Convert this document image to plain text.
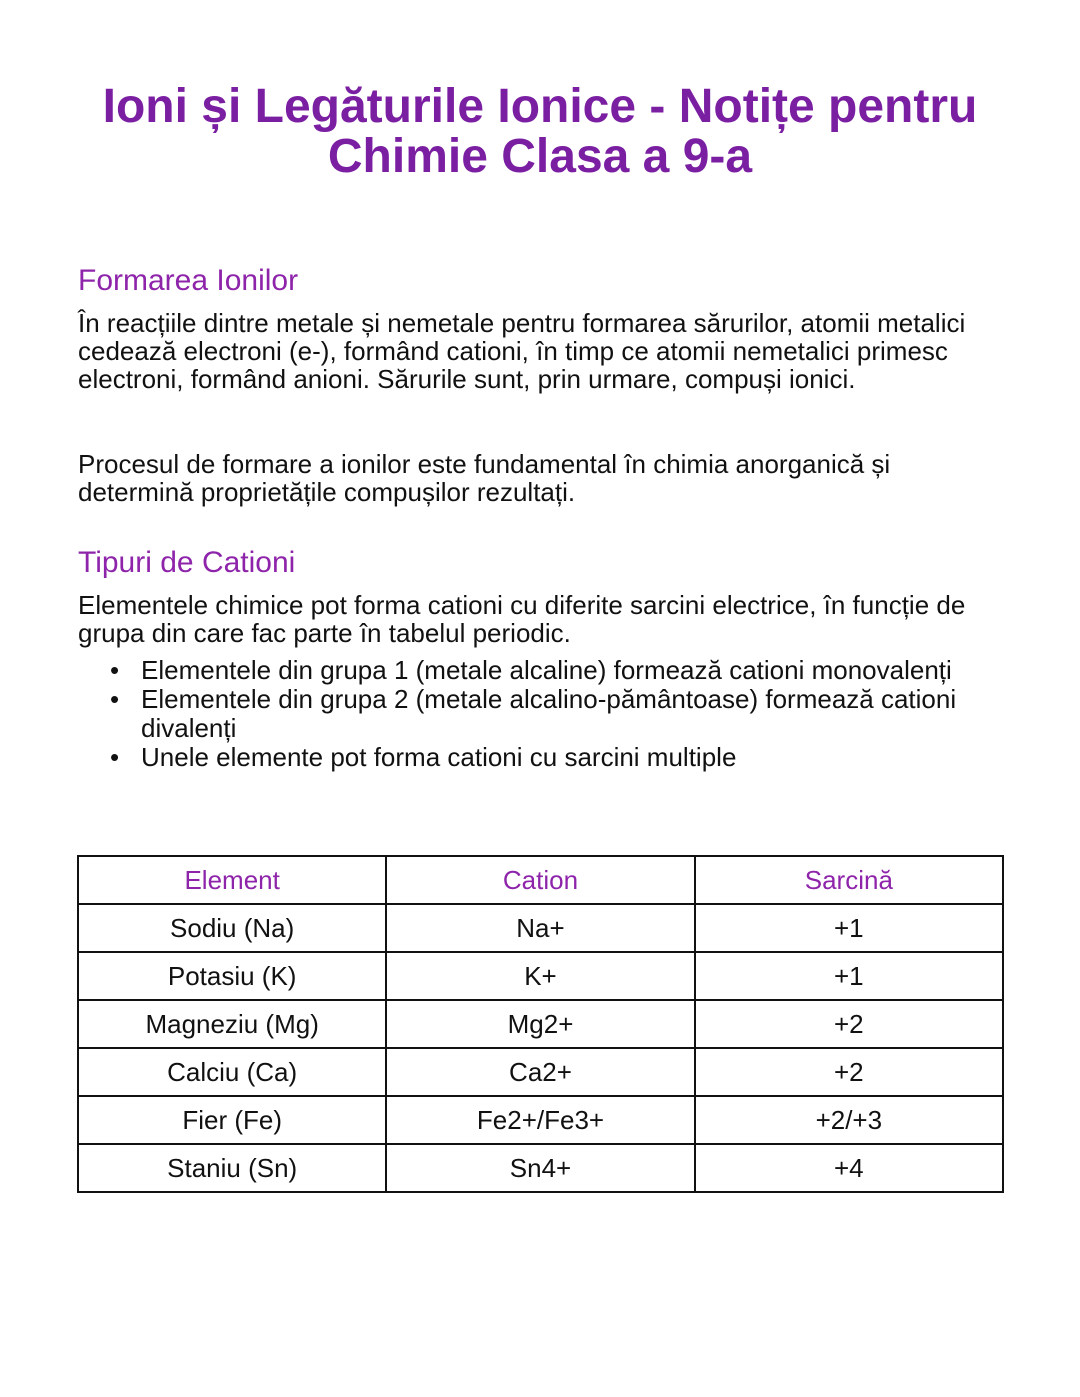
Ioni și Legăturile Ionice - Notițe pentru Chimie Clasa a 9-a
Formarea Ionilor

În reacțiile dintre metale și nemetale pentru formarea sărurilor, atomii metalici cedează electroni (e-), formând cationi, în timp ce atomii nemetalici primesc electroni, formând anioni. Sărurile sunt, prin urmare, compuși ionici.

Procesul de formare a ionilor este fundamental în chimia anorganică și determină proprietățile compușilor rezultați.

Tipuri de Cationi

Elementele chimice pot forma cationi cu diferite sarcini electrice, în funcție de grupa din care fac parte în tabelul periodic.

• Elementele din grupa 1 (metale alcaline) formează cationi monovalenți
• Elementele din grupa 2 (metale alcalino-pământoase) formează cationi divalenți
• Unele elemente pot forma cationi cu sarcini multiple
Element	Cation	Sarcină
Sodiu (Na)	Na+	+1
Potasiu (K)	K+	+1
Magneziu (Mg)	Mg2+	+2
Calciu (Ca)	Ca2+	+2
Fier (Fe)	Fe2+/Fe3+	+2/+3
Staniu (Sn)	Sn4+	+4
